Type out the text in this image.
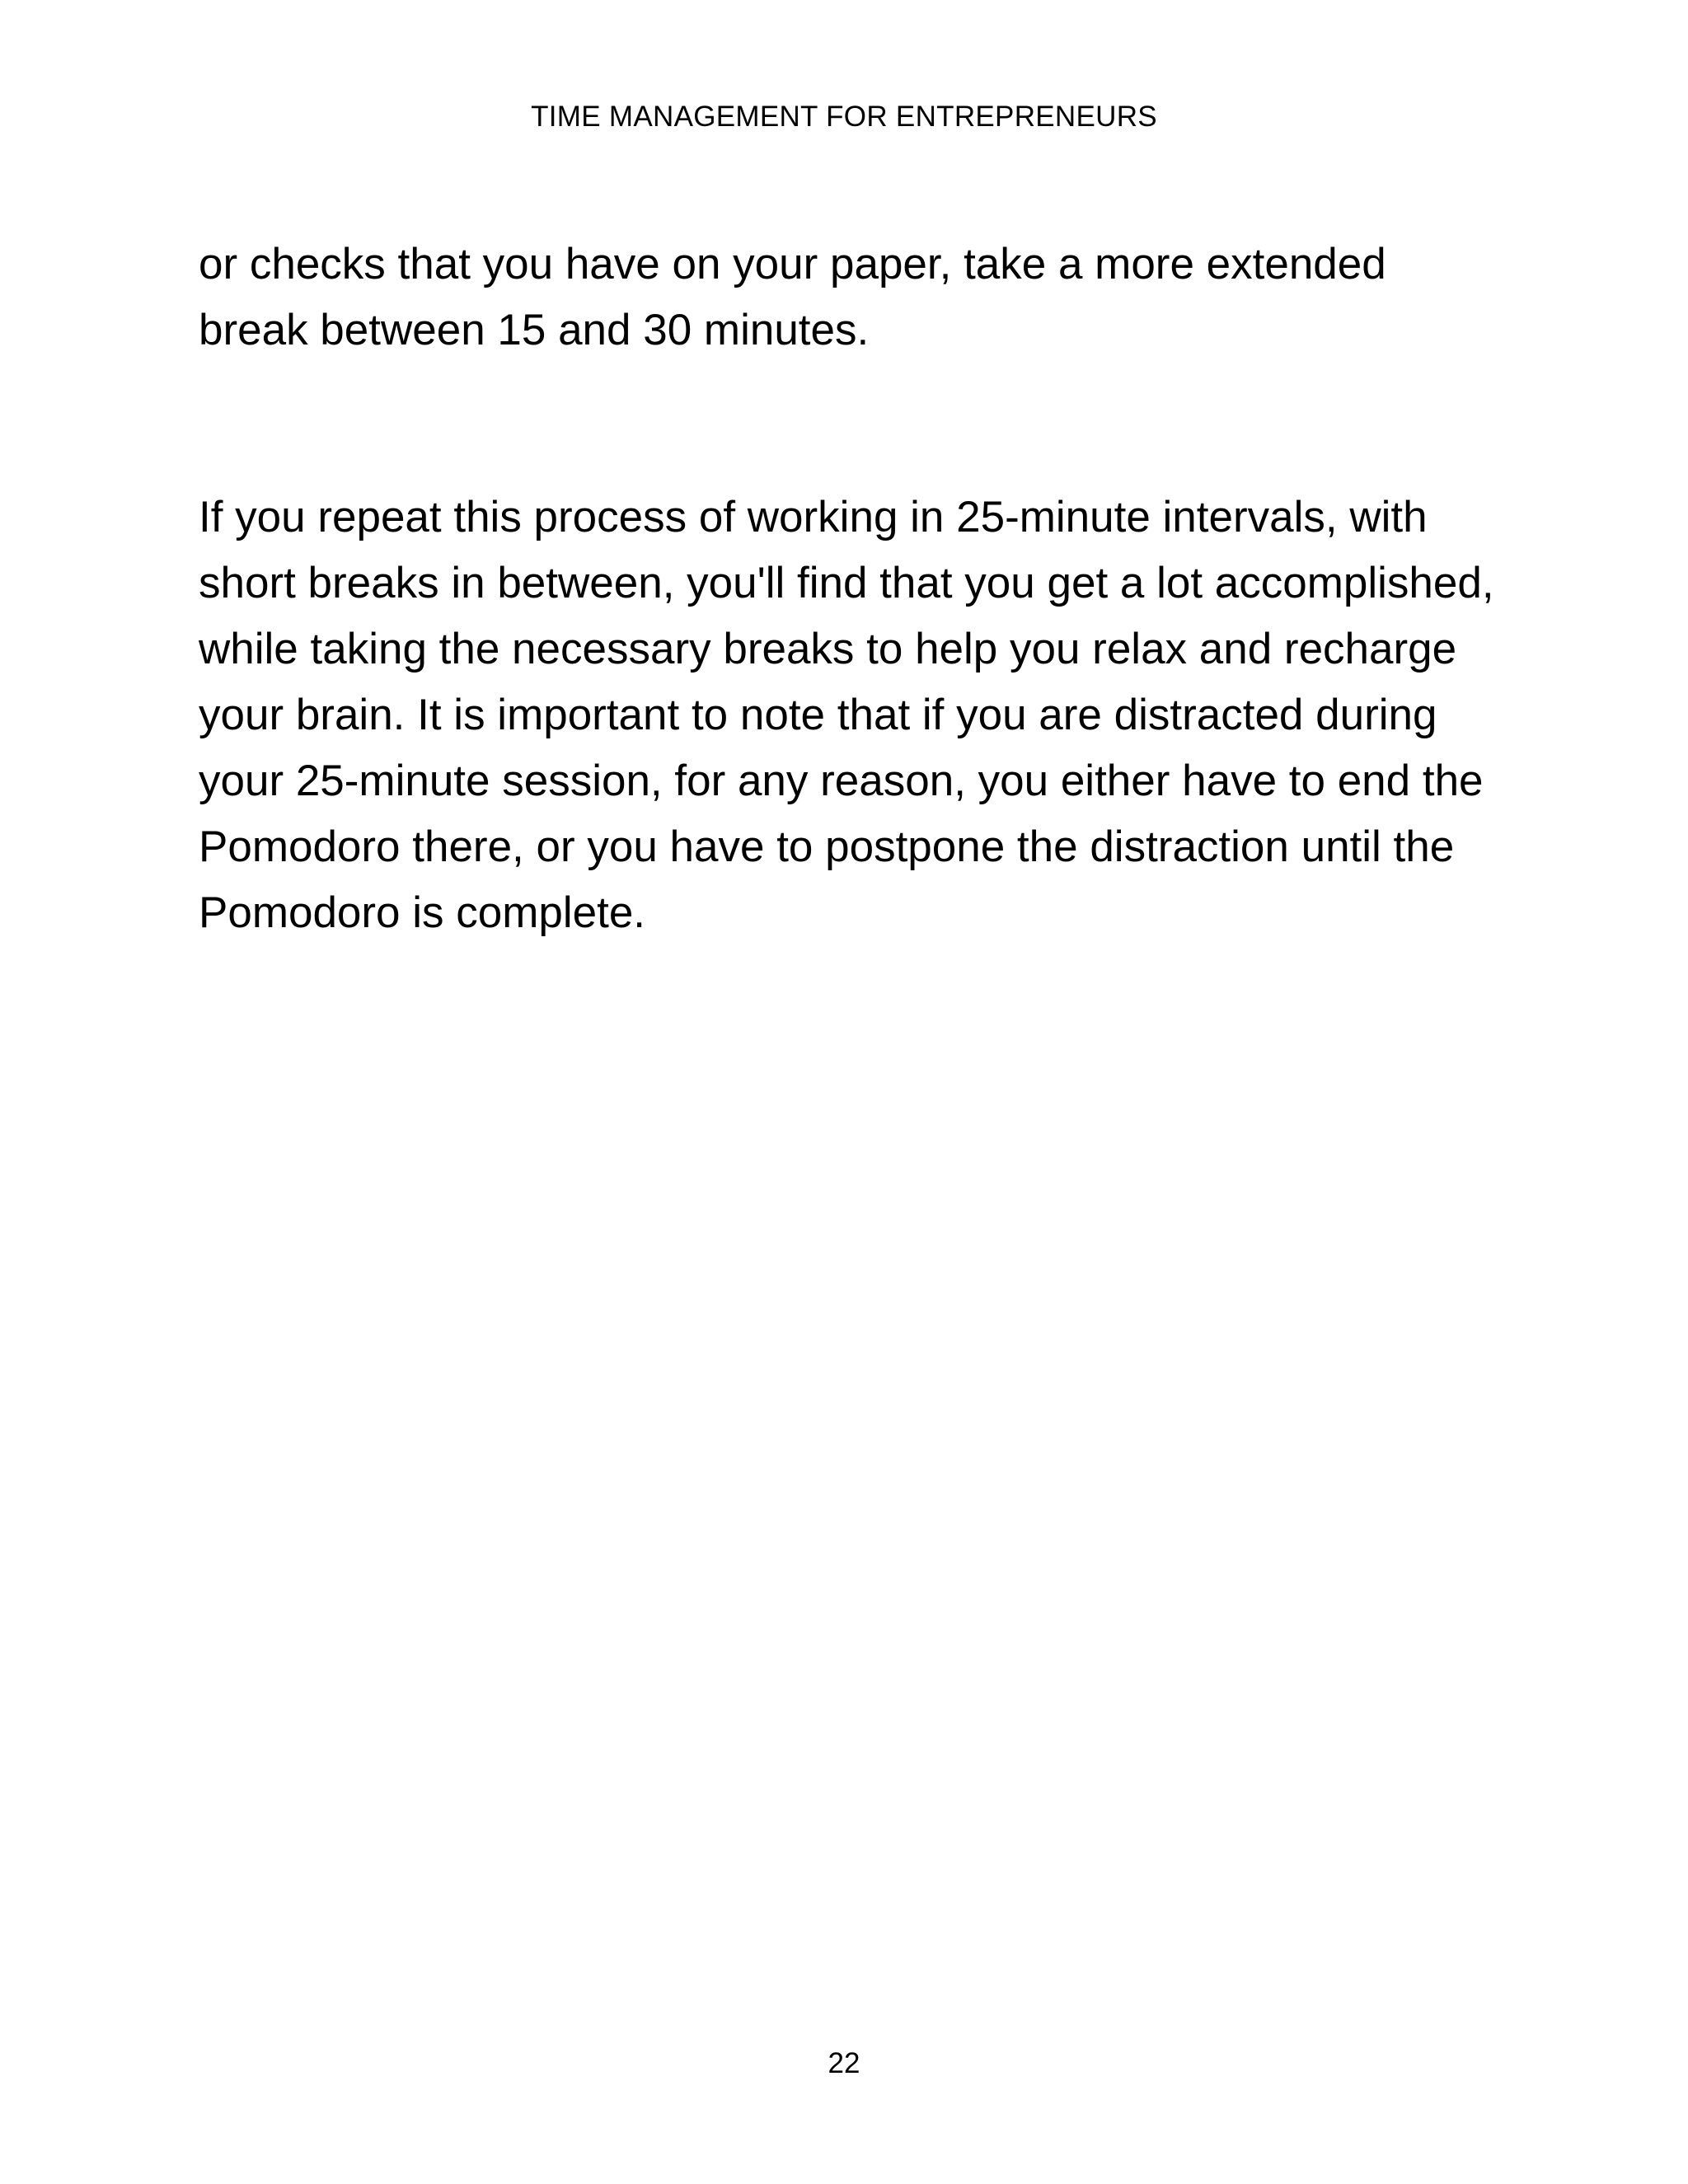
TIME MANAGEMENT FOR ENTREPRENEURS

or checks that you have on your paper, take a more extended break between 15 and 30 minutes.

If you repeat this process of working in 25-minute intervals, with short breaks in between, you'll find that you get a lot accomplished, while taking the necessary breaks to help you relax and recharge your brain. It is important to note that if you are distracted during your 25-minute session, for any reason, you either have to end the Pomodoro there, or you have to postpone the distraction until the Pomodoro is complete.

22
